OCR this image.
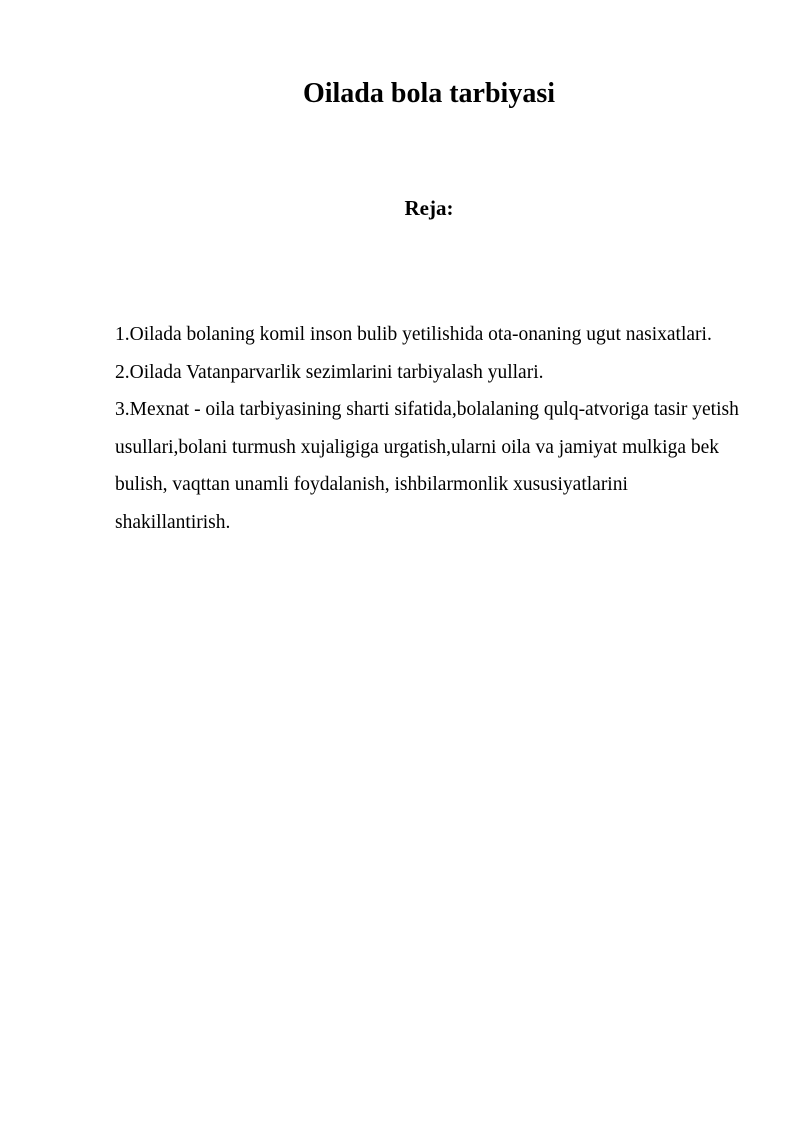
Oilada bola tarbiyasi
Reja:

1.Oilada bolaning komil inson bulib yetilishida ota-onaning ugut nasixatlari.

2.Oilada Vatanparvarlik sezimlarini tarbiyalash yullari.

3.Mexnat - oila tarbiyasining sharti sifatida,bolalaning qulq-atvoriga tasir yetish usullari,bolani turmush xujaligiga urgatish,ularni oila va jamiyat mulkiga bek bulish, vaqttan unamli foydalanish, ishbilarmonlik xususiyatlarini shakillantirish.
